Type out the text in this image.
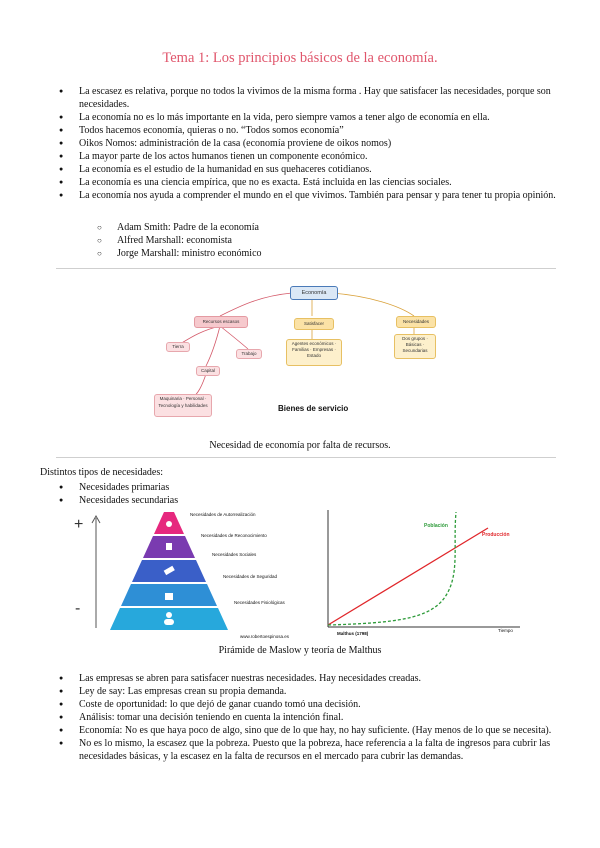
Tema 1: Los principios básicos de la economía.
● La escasez es relativa, porque no todos la vivimos de la misma forma . Hay que satisfacer las necesidades, porque son necesidades.
● La economía no es lo más importante en la vida, pero siempre vamos a tener algo de economía en ella.
● Todos hacemos economía, quieras o no. “Todos somos economía”
● Oikos Nomos: administración de la casa (economía proviene de oikos nomos)
● La mayor parte de los actos humanos tienen un componente económico.
● La economía es el estudio de la humanidad en sus quehaceres cotidianos.
● La economía es una ciencia empírica, que no es exacta. Está incluida en las ciencias sociales.
● La economía nos ayuda a comprender el mundo en el que vivimos. También para pensar y para tener tu propia opinión.
○ Adam Smith: Padre de la economía
○ Alfred Marshall: economista
○ Jorge Marshall: ministro económico
Economía
Recursos escasos	Satisfacer	Necesidades
Tierra
Trabajo
Capital
Maquinaria · Personal · Tecnología y habilidades
Agentes económicos · Familias · Empresas · Estado
Dos grupos · Básicas · Secundarias
Bienes de servicio
Necesidad de economía por falta de recursos.
Distintos tipos de necesidades:
● Necesidades primarias
● Necesidades secundarias
+
-
Necesidades de Autorrealización
Necesidades de Reconocimiento
Necesidades Sociales
Necesidades de Seguridad
Necesidades Fisiológicas
www.robertoespinosa.es
Población
Producción
Malthus (1798)
Tiempo
Pirámide de Maslow y teoría de Malthus
● Las empresas se abren para satisfacer nuestras necesidades. Hay necesidades creadas.
● Ley de say: Las empresas crean su propia demanda.
● Coste de oportunidad: lo que dejó de ganar cuando tomó una decisión.
● Análisis: tomar una decisión teniendo en cuenta la intención final.
● Economía: No es que haya poco de algo, sino que de lo que hay, no hay suficiente. (Hay menos de lo que se necesita).
● No es lo mismo, la escasez que la pobreza. Puesto que la pobreza, hace referencia a la falta de ingresos para cubrir las necesidades básicas, y la escasez en la falta de recursos en el mercado para cubrir las demandas.
